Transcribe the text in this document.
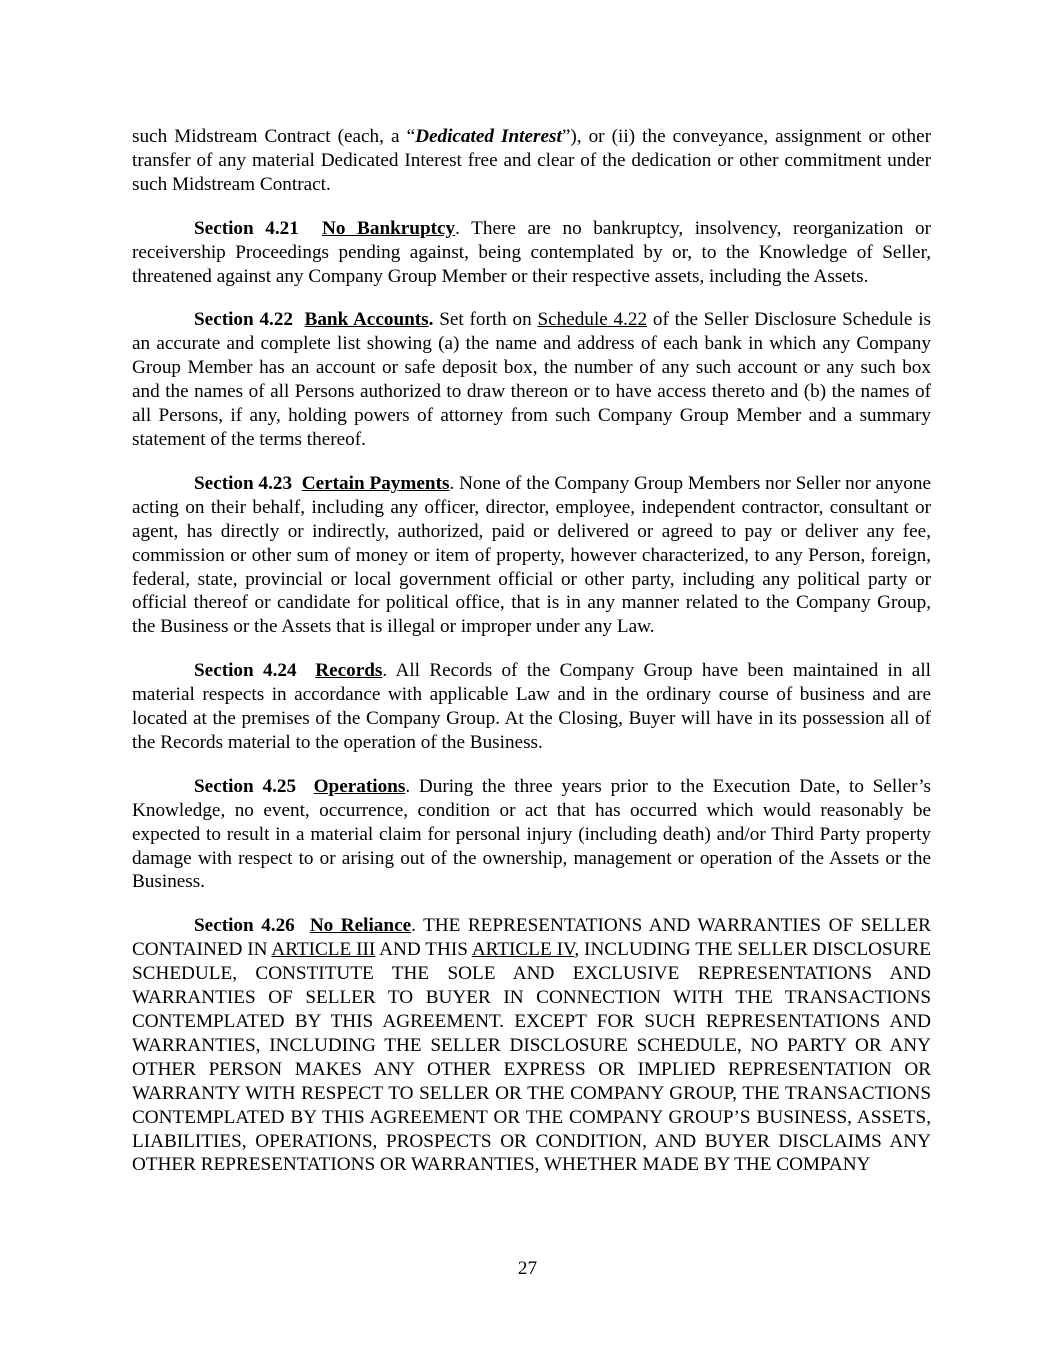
such Midstream Contract (each, a “Dedicated Interest”), or (ii) the conveyance, assignment or other transfer of any material Dedicated Interest free and clear of the dedication or other commitment under such Midstream Contract.

Section 4.21 No Bankruptcy. There are no bankruptcy, insolvency, reorganization or receivership Proceedings pending against, being contemplated by or, to the Knowledge of Seller, threatened against any Company Group Member or their respective assets, including the Assets.

Section 4.22 Bank Accounts. Set forth on Schedule 4.22 of the Seller Disclosure Schedule is an accurate and complete list showing (a) the name and address of each bank in which any Company Group Member has an account or safe deposit box, the number of any such account or any such box and the names of all Persons authorized to draw thereon or to have access thereto and (b) the names of all Persons, if any, holding powers of attorney from such Company Group Member and a summary statement of the terms thereof.

Section 4.23 Certain Payments. None of the Company Group Members nor Seller nor anyone acting on their behalf, including any officer, director, employee, independent contractor, consultant or agent, has directly or indirectly, authorized, paid or delivered or agreed to pay or deliver any fee, commission or other sum of money or item of property, however characterized, to any Person, foreign, federal, state, provincial or local government official or other party, including any political party or official thereof or candidate for political office, that is in any manner related to the Company Group, the Business or the Assets that is illegal or improper under any Law.

Section 4.24 Records. All Records of the Company Group have been maintained in all material respects in accordance with applicable Law and in the ordinary course of business and are located at the premises of the Company Group. At the Closing, Buyer will have in its possession all of the Records material to the operation of the Business.

Section 4.25 Operations. During the three years prior to the Execution Date, to Seller’s Knowledge, no event, occurrence, condition or act that has occurred which would reasonably be expected to result in a material claim for personal injury (including death) and/or Third Party property damage with respect to or arising out of the ownership, management or operation of the Assets or the Business.

Section 4.26 No Reliance. THE REPRESENTATIONS AND WARRANTIES OF SELLER CONTAINED IN ARTICLE III AND THIS ARTICLE IV, INCLUDING THE SELLER DISCLOSURE SCHEDULE, CONSTITUTE THE SOLE AND EXCLUSIVE REPRESENTATIONS AND WARRANTIES OF SELLER TO BUYER IN CONNECTION WITH THE TRANSACTIONS CONTEMPLATED BY THIS AGREEMENT. EXCEPT FOR SUCH REPRESENTATIONS AND WARRANTIES, INCLUDING THE SELLER DISCLOSURE SCHEDULE, NO PARTY OR ANY OTHER PERSON MAKES ANY OTHER EXPRESS OR IMPLIED REPRESENTATION OR WARRANTY WITH RESPECT TO SELLER OR THE COMPANY GROUP, THE TRANSACTIONS CONTEMPLATED BY THIS AGREEMENT OR THE COMPANY GROUP’S BUSINESS, ASSETS, LIABILITIES, OPERATIONS, PROSPECTS OR CONDITION, AND BUYER DISCLAIMS ANY OTHER REPRESENTATIONS OR WARRANTIES, WHETHER MADE BY THE COMPANY

27
